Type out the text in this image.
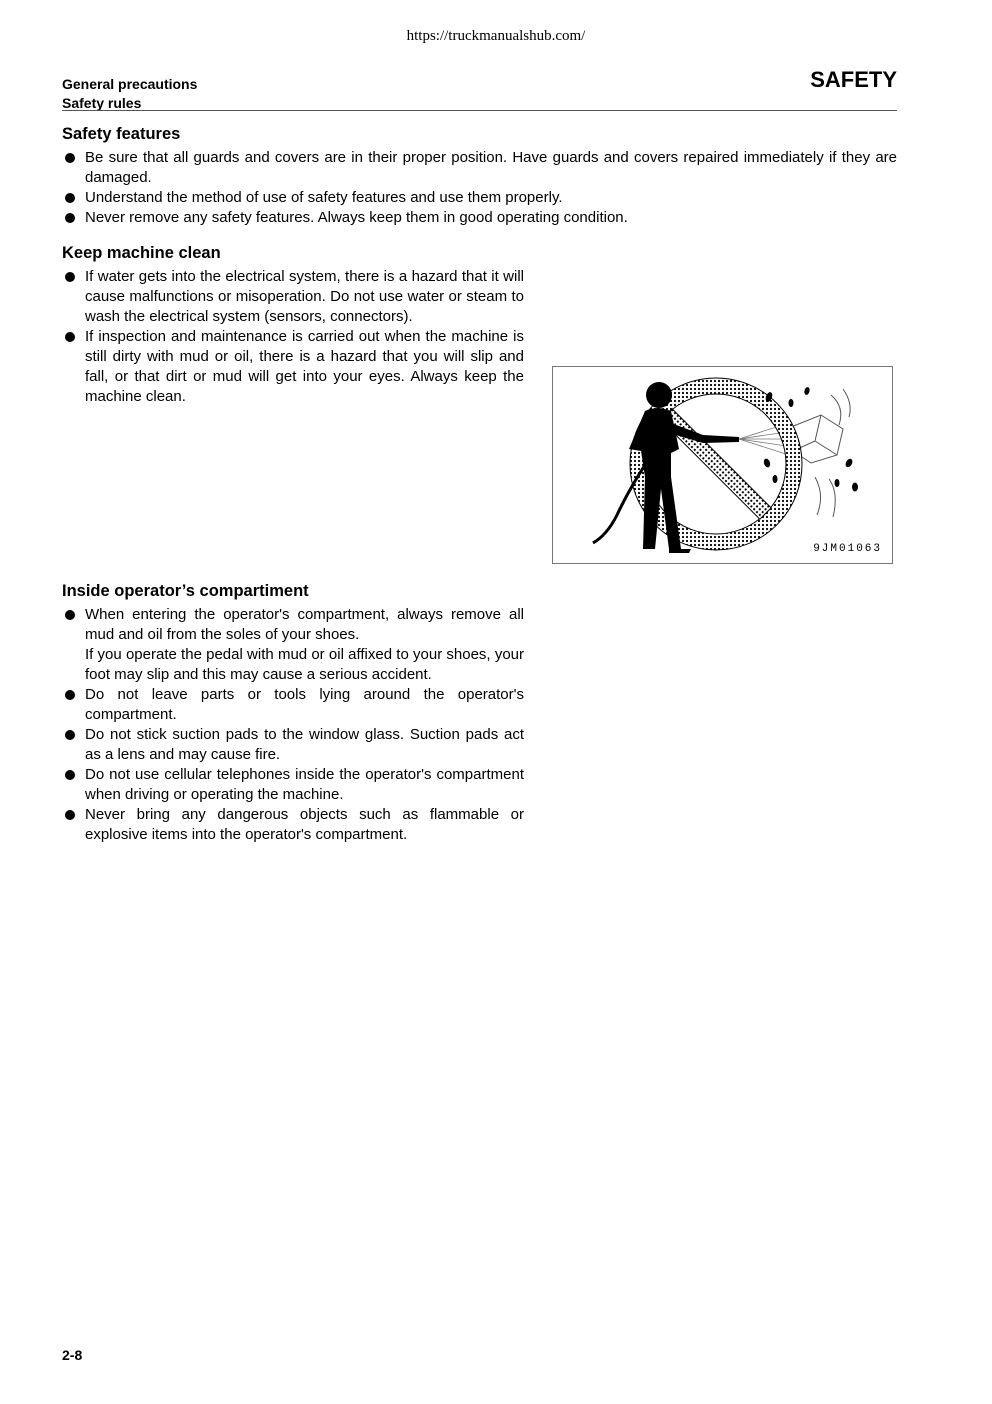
https://truckmanualshub.com/
General precautions
Safety rules
SAFETY
Safety features
Be sure that all guards and covers are in their proper position. Have guards and covers repaired immediately if they are damaged.
Understand the method of use of safety features and use them properly.
Never remove any safety features. Always keep them in good operating condition.
Keep machine clean
If water gets into the electrical system, there is a hazard that it will cause malfunctions or misoperation. Do not use water or steam to wash the electrical system (sensors, connectors).
If inspection and maintenance is carried out when the machine is still dirty with mud or oil, there is a hazard that you will slip and fall, or that dirt or mud will get into your eyes. Always keep the machine clean.
9JM01063
Inside operator’s compartiment
When entering the operator's compartment, always remove all mud and oil from the soles of your shoes.
If you operate the pedal with mud or oil affixed to your shoes, your foot may slip and this may cause a serious accident.
Do not leave parts or tools lying around the operator's compartment.
Do not stick suction pads to the window glass. Suction pads act as a lens and may cause fire.
Do not use cellular telephones inside the operator's compartment when driving or operating the machine.
Never bring any dangerous objects such as flammable or explosive items into the operator's compartment.
2-8
